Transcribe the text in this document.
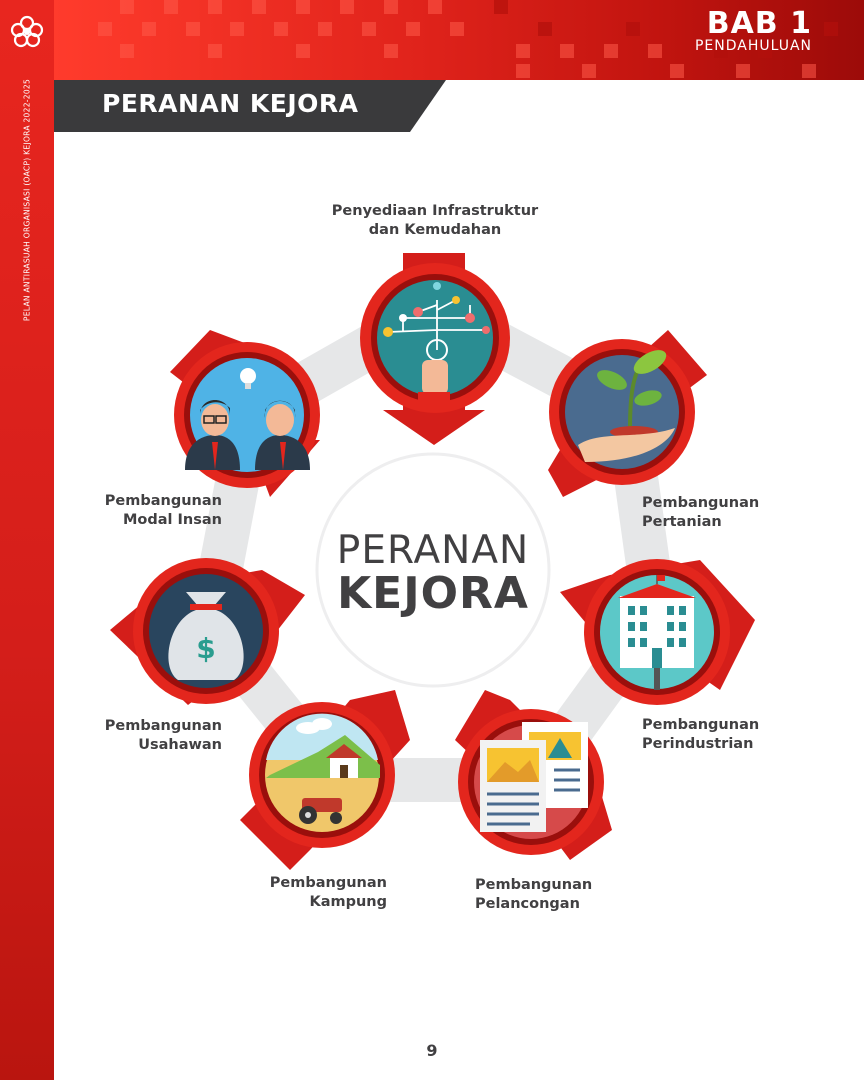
PELAN ANTIRASUAH ORGANISASI (OACP) KEJORA 2022-2025
BAB 1
PENDAHULUAN
PERANAN KEJORA
$
PERANAN
KEJORA
Penyediaan Infrastruktur
dan Kemudahan
Pembangunan
Pertanian
Pembangunan
Perindustrian
Pembangunan
Pelancongan
Pembangunan
Kampung
Pembangunan
Usahawan
Pembangunan
Modal Insan
9
